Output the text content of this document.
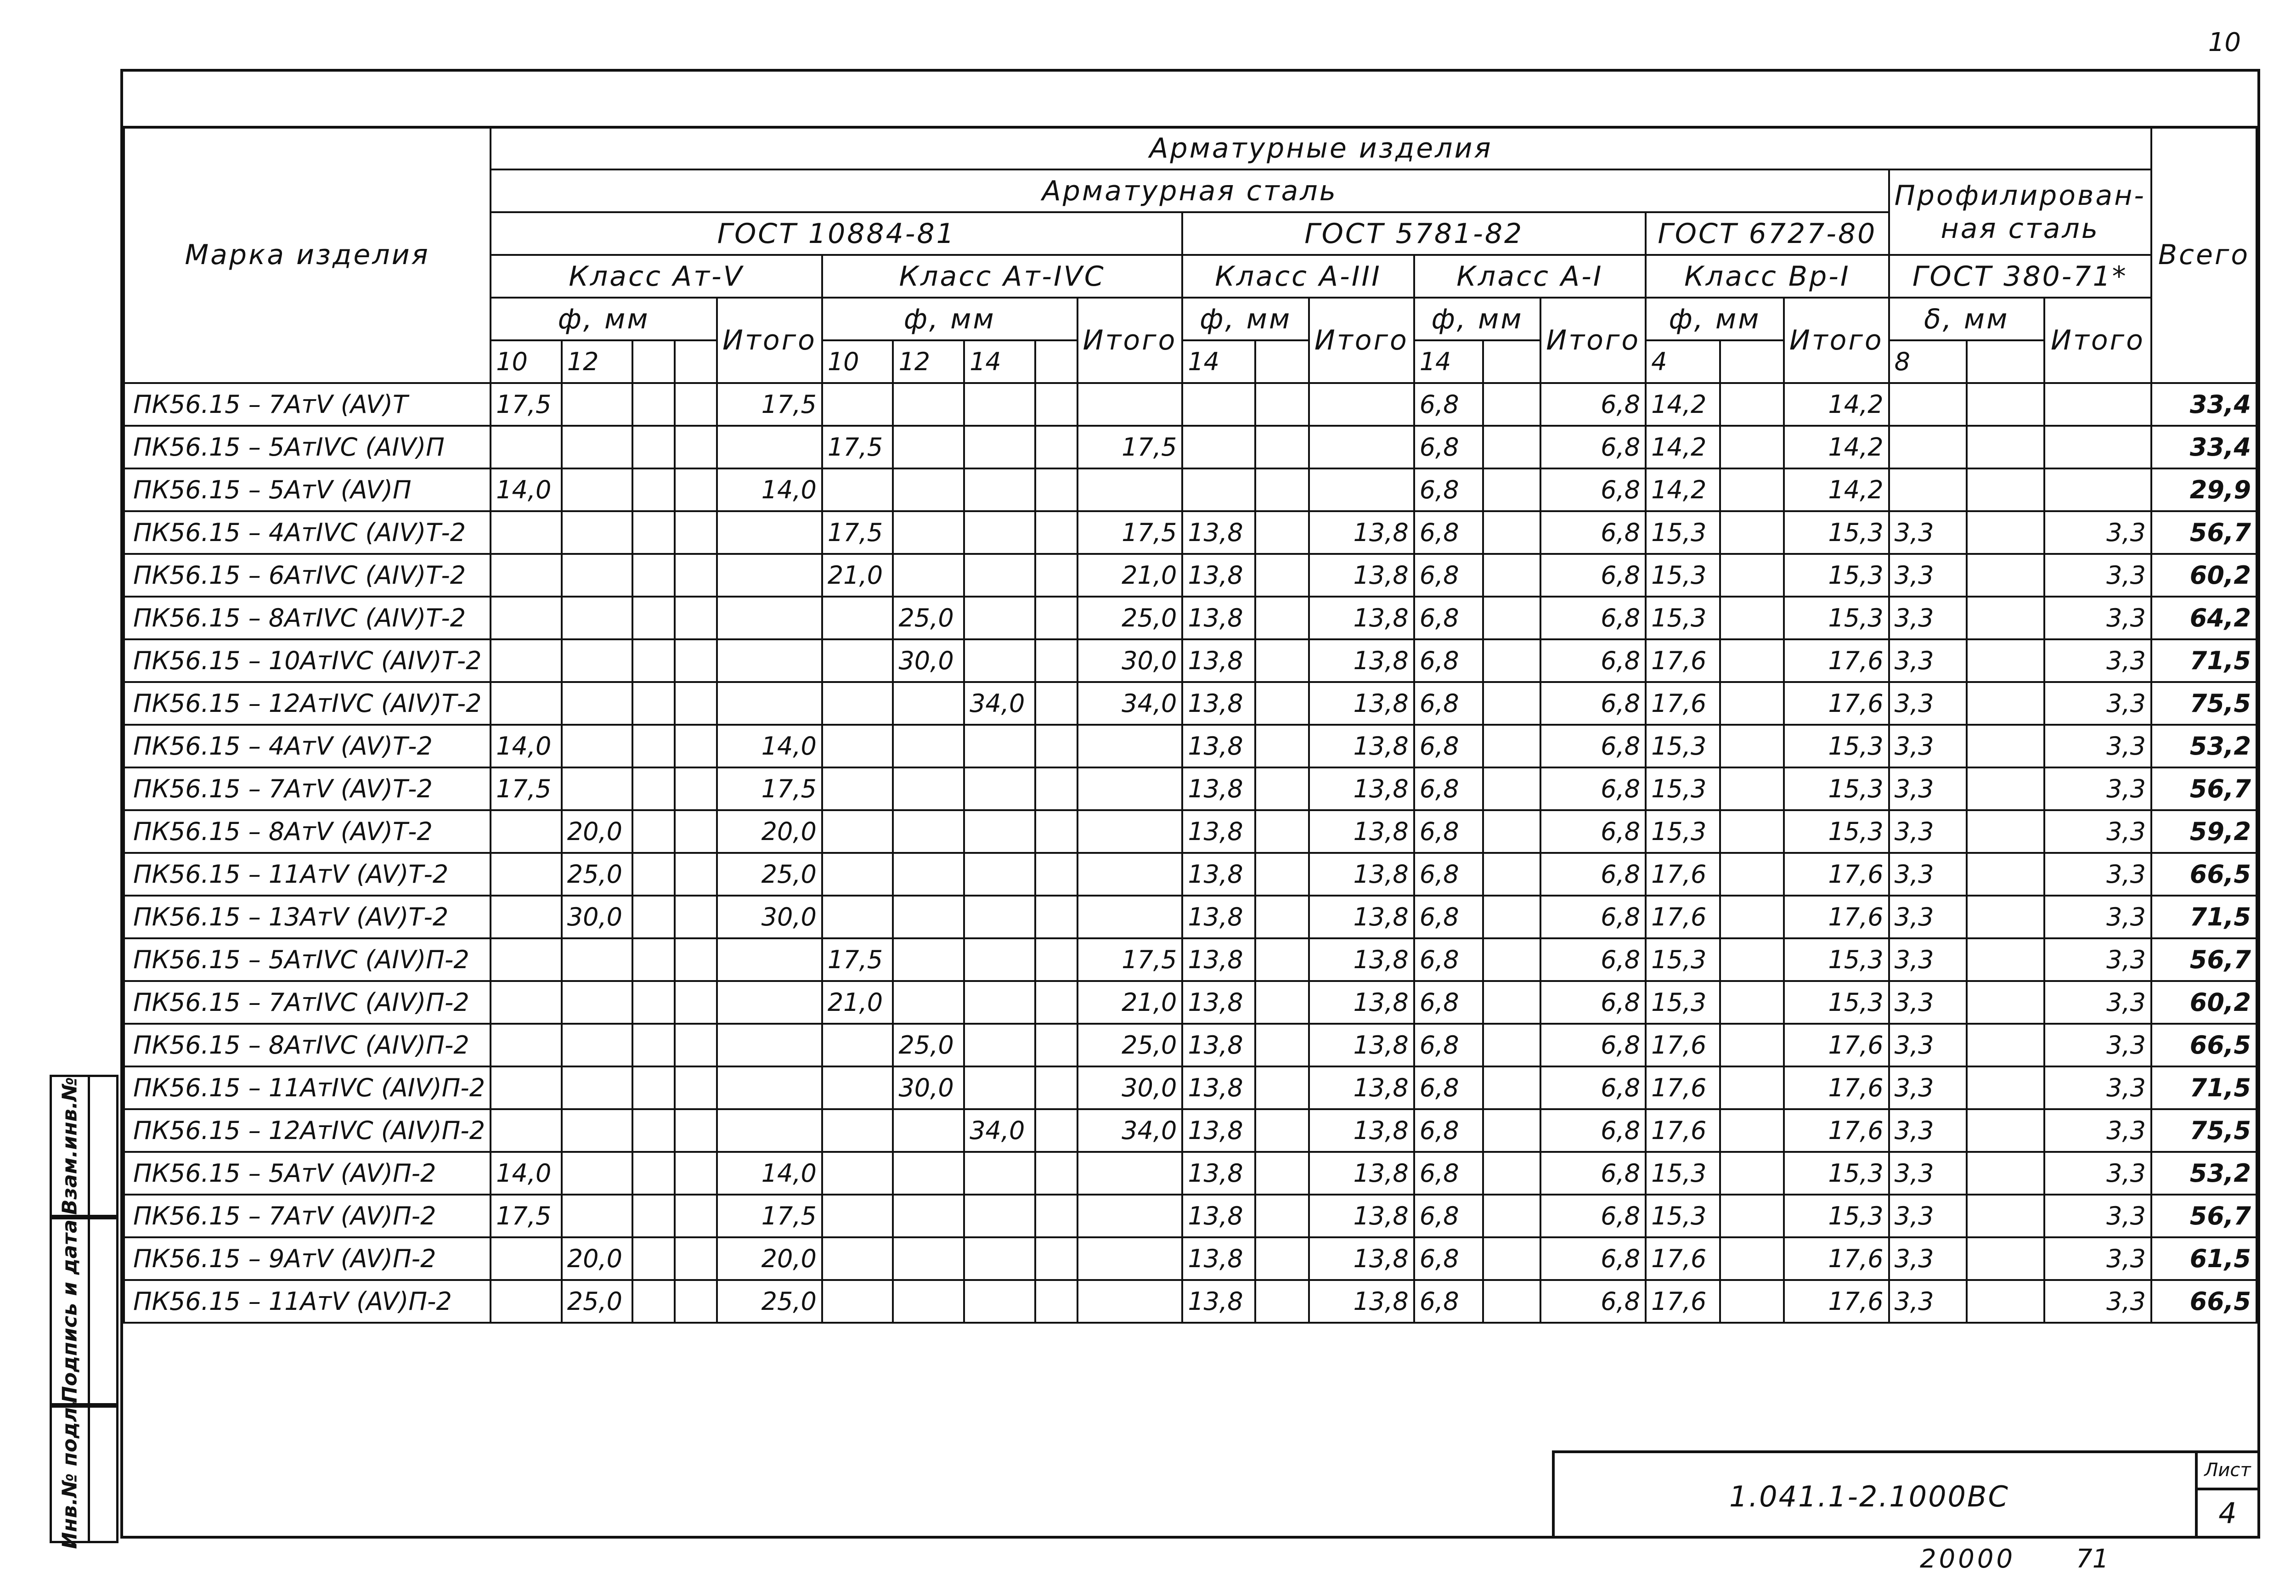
10
Взам.инв.№
Подпись и дата
Инв.№ подл.
Марка изделия	Арматурные изделия																						Всего
	Арматурная сталь																			Профилирован-ная сталь			
	ГОСТ 10884-81										ГОСТ 5781-82						ГОСТ 6727-80						
	Класс Aт-V					Класс Aт-IVC					Класс A-III			Класс A-I			Класс Bp-I			ГОСТ 380-71*			
	ф, мм				Итого	ф, мм				Итого	ф, мм		Итого	ф, мм		Итого	ф, мм		Итого	δ, мм		Итого	
	10	12				10	12	14			14			14			4			8			
ПК56.15 – 7АтV (AV)Т	17,5				17,5									6,8		6,8	14,2		14,2				33,4
ПК56.15 – 5АтIVС (AIV)П						17,5				17,5				6,8		6,8	14,2		14,2				33,4
ПК56.15 – 5АтV (AV)П	14,0				14,0									6,8		6,8	14,2		14,2				29,9
ПК56.15 – 4АтIVС (AIV)Т-2						17,5				17,5	13,8		13,8	6,8		6,8	15,3		15,3	3,3		3,3	56,7
ПК56.15 – 6АтIVС (AIV)Т-2						21,0				21,0	13,8		13,8	6,8		6,8	15,3		15,3	3,3		3,3	60,2
ПК56.15 – 8АтIVС (AIV)Т-2							25,0			25,0	13,8		13,8	6,8		6,8	15,3		15,3	3,3		3,3	64,2
ПК56.15 – 10АтIVС (AIV)Т-2							30,0			30,0	13,8		13,8	6,8		6,8	17,6		17,6	3,3		3,3	71,5
ПК56.15 – 12АтIVС (AIV)Т-2								34,0		34,0	13,8		13,8	6,8		6,8	17,6		17,6	3,3		3,3	75,5
ПК56.15 – 4АтV (AV)Т-2	14,0				14,0						13,8		13,8	6,8		6,8	15,3		15,3	3,3		3,3	53,2
ПК56.15 – 7АтV (AV)Т-2	17,5				17,5						13,8		13,8	6,8		6,8	15,3		15,3	3,3		3,3	56,7
ПК56.15 – 8АтV (AV)Т-2		20,0			20,0						13,8		13,8	6,8		6,8	15,3		15,3	3,3		3,3	59,2
ПК56.15 – 11АтV (AV)Т-2		25,0			25,0						13,8		13,8	6,8		6,8	17,6		17,6	3,3		3,3	66,5
ПК56.15 – 13АтV (AV)Т-2		30,0			30,0						13,8		13,8	6,8		6,8	17,6		17,6	3,3		3,3	71,5
ПК56.15 – 5АтIVС (AIV)П-2						17,5				17,5	13,8		13,8	6,8		6,8	15,3		15,3	3,3		3,3	56,7
ПК56.15 – 7АтIVС (AIV)П-2						21,0				21,0	13,8		13,8	6,8		6,8	15,3		15,3	3,3		3,3	60,2
ПК56.15 – 8АтIVС (AIV)П-2							25,0			25,0	13,8		13,8	6,8		6,8	17,6		17,6	3,3		3,3	66,5
ПК56.15 – 11АтIVС (AIV)П-2							30,0			30,0	13,8		13,8	6,8		6,8	17,6		17,6	3,3		3,3	71,5
ПК56.15 – 12АтIVС (AIV)П-2								34,0		34,0	13,8		13,8	6,8		6,8	17,6		17,6	3,3		3,3	75,5
ПК56.15 – 5АтV (AV)П-2	14,0				14,0						13,8		13,8	6,8		6,8	15,3		15,3	3,3		3,3	53,2
ПК56.15 – 7АтV (AV)П-2	17,5				17,5						13,8		13,8	6,8		6,8	15,3		15,3	3,3		3,3	56,7
ПК56.15 – 9АтV (AV)П-2		20,0			20,0						13,8		13,8	6,8		6,8	17,6		17,6	3,3		3,3	61,5
ПК56.15 – 11АтV (AV)П-2		25,0			25,0						13,8		13,8	6,8		6,8	17,6		17,6	3,3		3,3	66,5

1.041.1-2.1000ВС
Лист
4
20000 71
